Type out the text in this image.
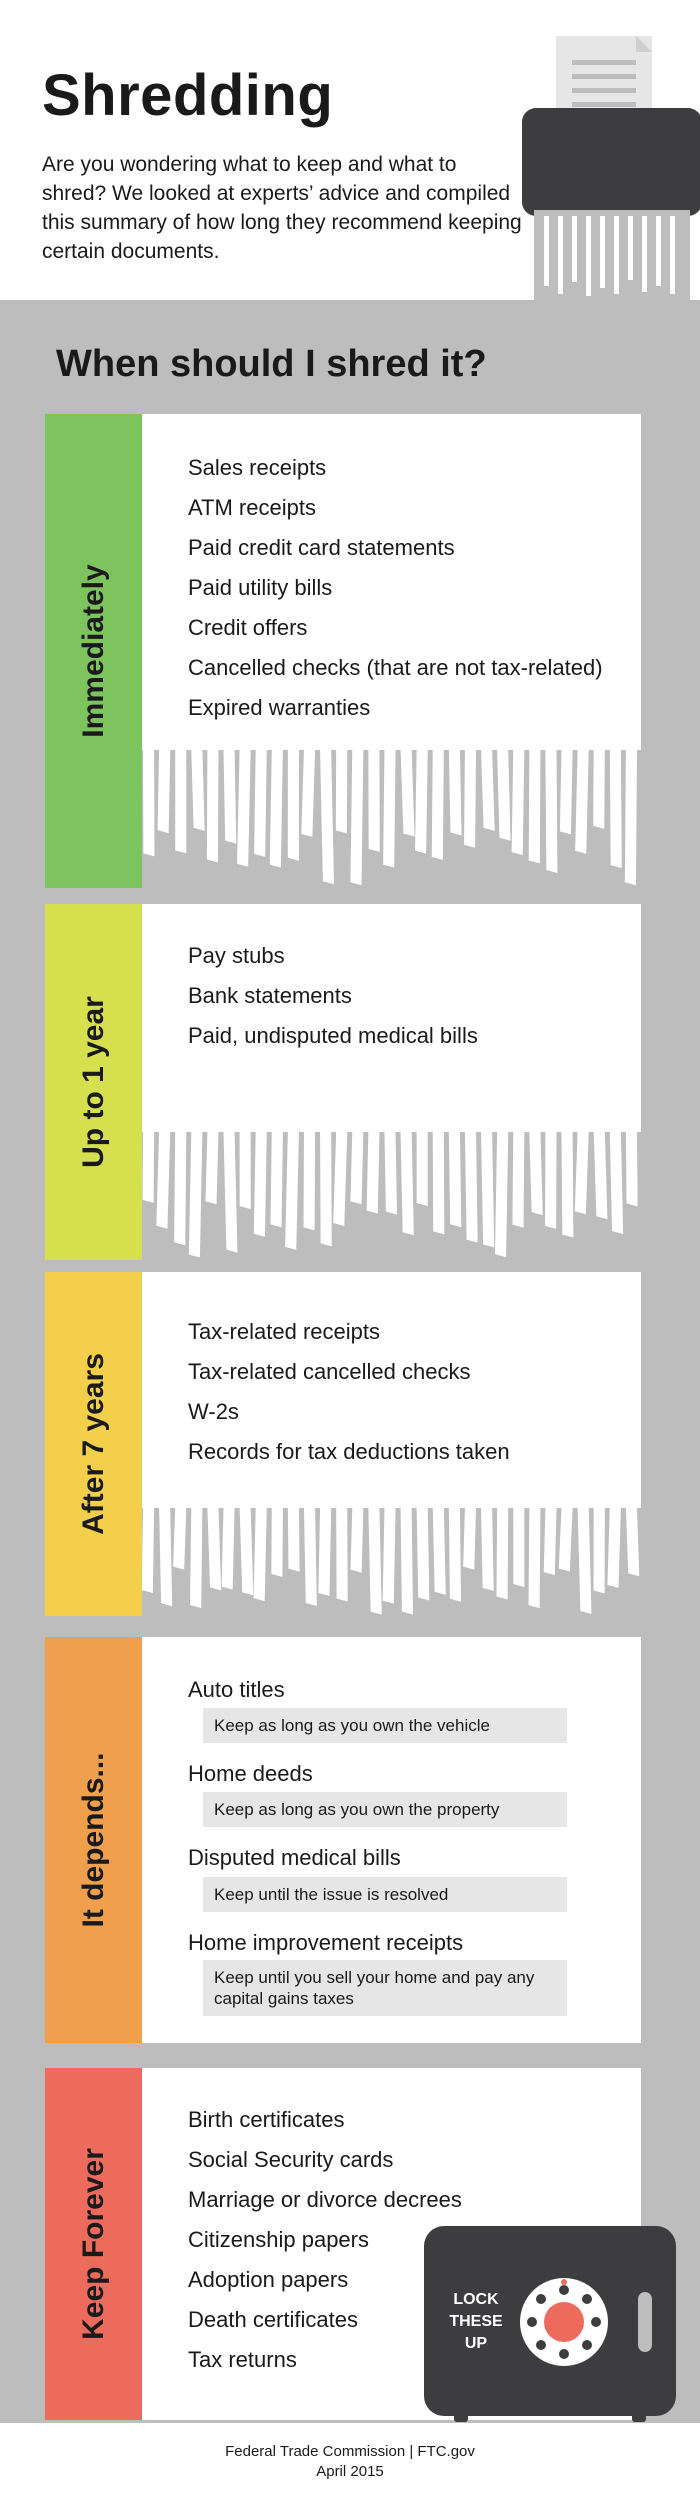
Shredding
Are you wondering what to keep and what to shred? We looked at experts’ advice and compiled this summary of how long they recommend keeping certain documents.
When should I shred it?
Immediately
Sales receipts
ATM receipts
Paid credit card statements
Paid utility bills
Credit offers
Cancelled checks (that are not tax-related)
Expired warranties
Up to 1 year
Pay stubs
Bank statements
Paid, undisputed medical bills
After 7 years
Tax-related receipts
Tax-related cancelled checks
W-2s
Records for tax deductions taken
It depends...
Auto titles
Keep as long as you own the vehicle
Home deeds
Keep as long as you own the property
Disputed medical bills
Keep until the issue is resolved
Home improvement receipts
Keep until you sell your home and pay any capital gains taxes
Keep Forever
Birth certificates
Social Security cards
Marriage or divorce decrees
Citizenship papers
Adoption papers
Death certificates
Tax returns
LOCK
THESE
UP
Federal Trade Commission | FTC.gov
April 2015
